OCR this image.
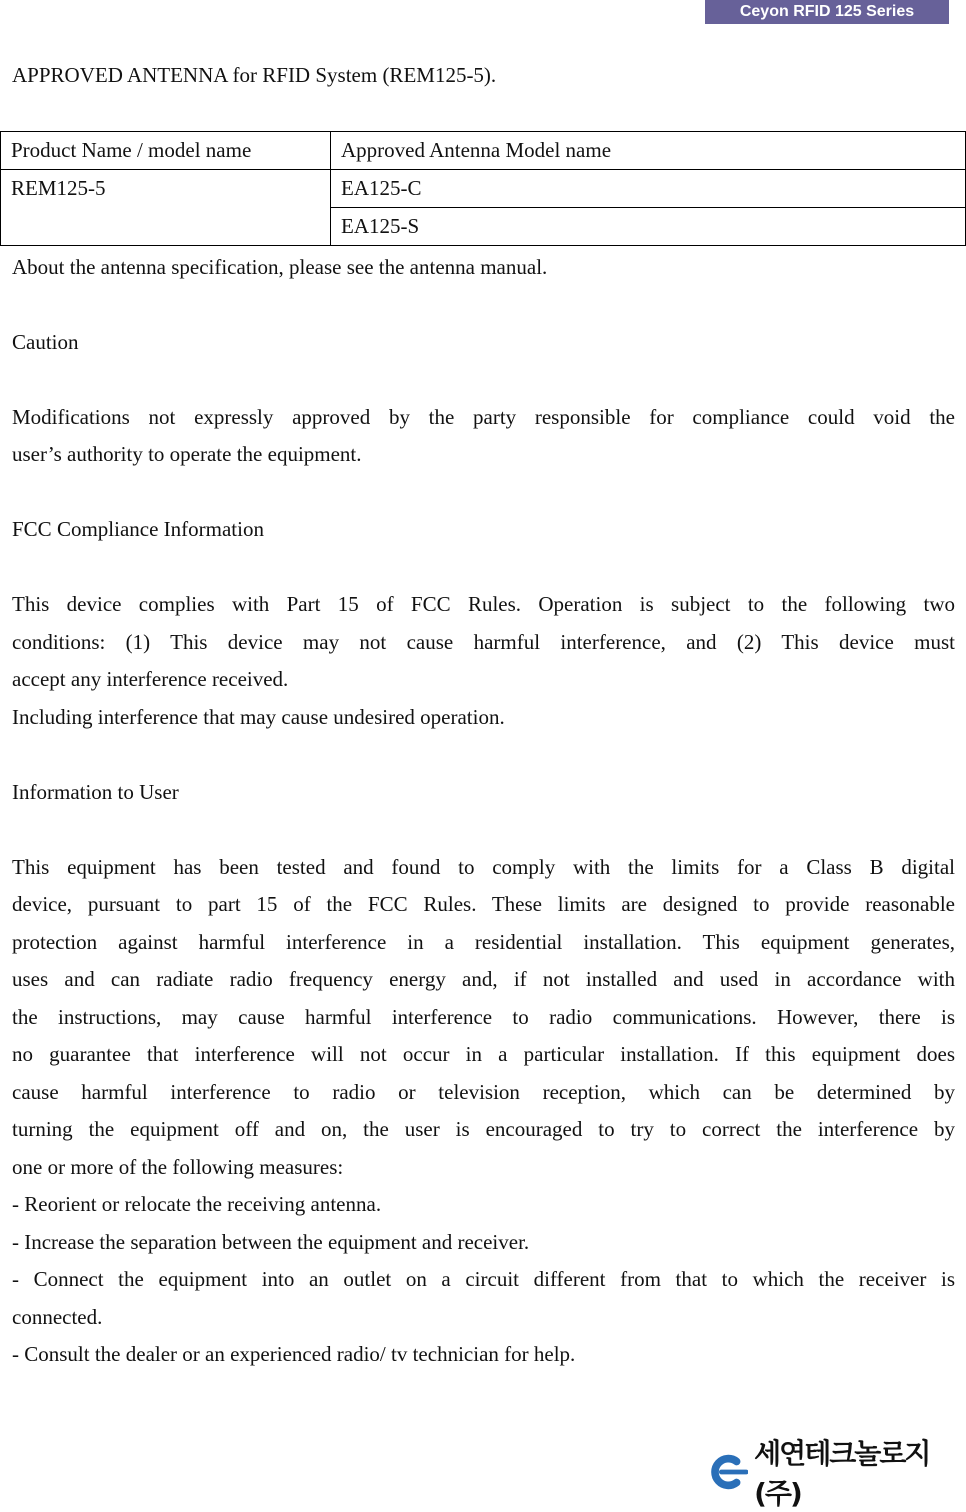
Ceyon RFID 125 Series
APPROVED ANTENNA for RFID System (REM125-5).
Product Name / model name	Approved Antenna Model name
REM125-5	EA125-C
	EA125-S
About the antenna specification, please see the antenna manual.
Caution
Modifications not expressly approved by the party responsible for compliance could void the
user’s authority to operate the equipment.
FCC Compliance Information
This device complies with Part 15 of FCC Rules. Operation is subject to the following two
conditions: (1) This device may not cause harmful interference, and (2) This device must
accept any interference received.
Including interference that may cause undesired operation.
Information to User
This equipment has been tested and found to comply with the limits for a Class B digital
device, pursuant to part 15 of the FCC Rules. These limits are designed to provide reasonable
protection against harmful interference in a residential installation. This equipment generates,
uses and can radiate radio frequency energy and, if not installed and used in accordance with
the instructions, may cause harmful interference to radio communications. However, there is
no guarantee that interference will not occur in a particular installation. If this equipment does
cause harmful interference to radio or television reception, which can be determined by
turning the equipment off and on, the user is encouraged to try to correct the interference by
one or more of the following measures:
- Reorient or relocate the receiving antenna.
- Increase the separation between the equipment and receiver.
- Connect the equipment into an outlet on a circuit different from that to which the receiver is
connected.
- Consult the dealer or an experienced radio/ tv technician for help.
세연테크놀로지(주)
